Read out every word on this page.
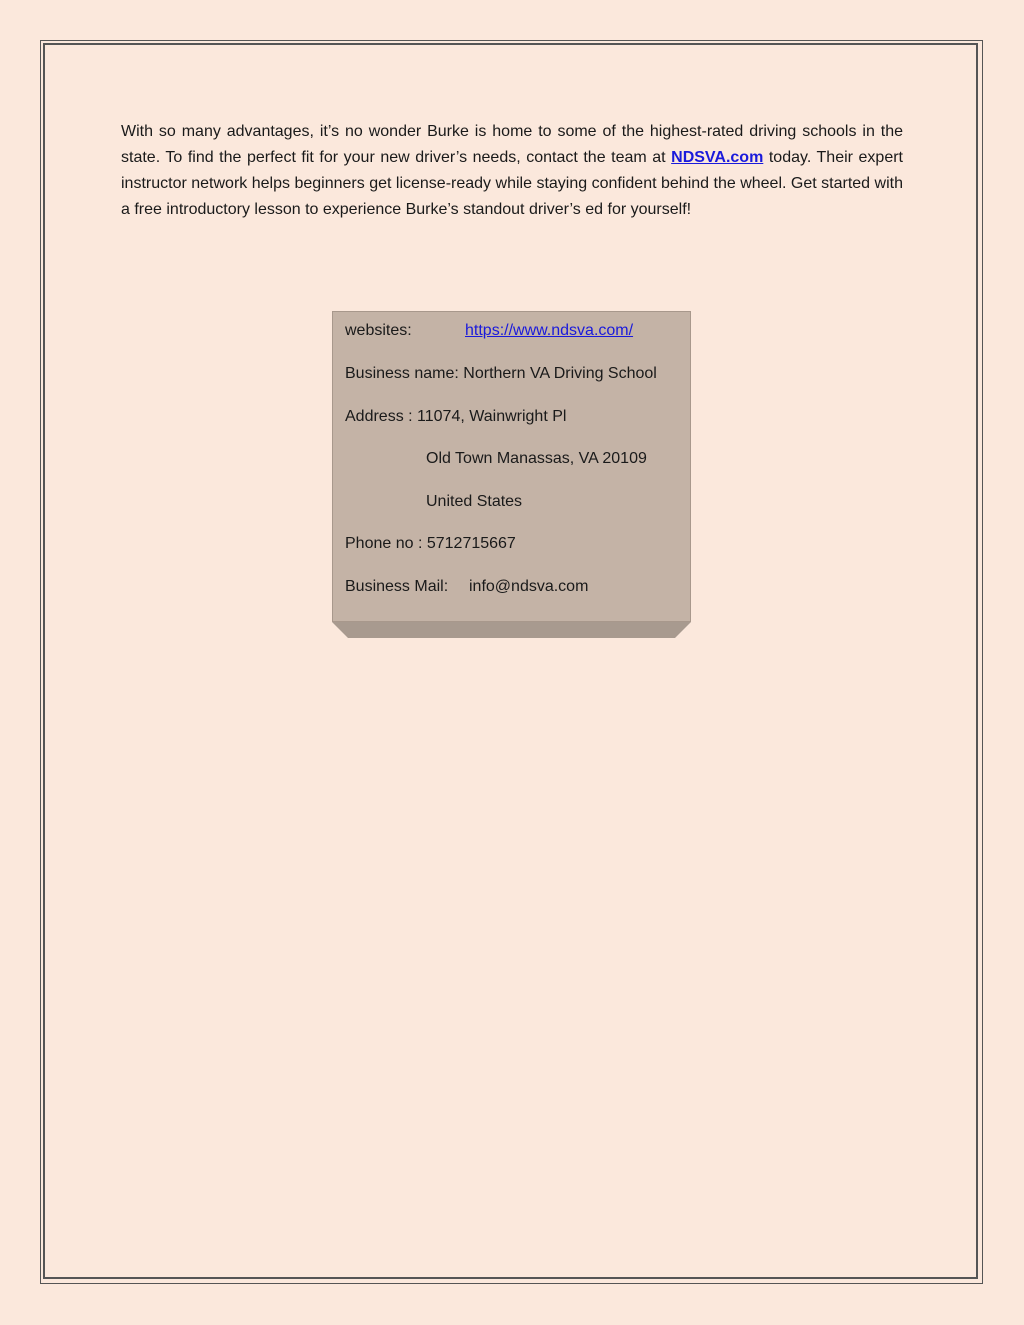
With so many advantages, it’s no wonder Burke is home to some of the highest-rated driving schools in the state. To find the perfect fit for your new driver’s needs, contact the team at NDSVA.com today. Their expert instructor network helps beginners get license-ready while staying confident behind the wheel. Get started with a free introductory lesson to experience Burke’s standout driver’s ed for yourself!

websites:	https://www.ndsva.com/
Business name: Northern VA Driving School
Address : 11074, Wainwright Pl
Old Town Manassas, VA 20109
United States
Phone no : 5712715667
Business Mail: info@ndsva.com
